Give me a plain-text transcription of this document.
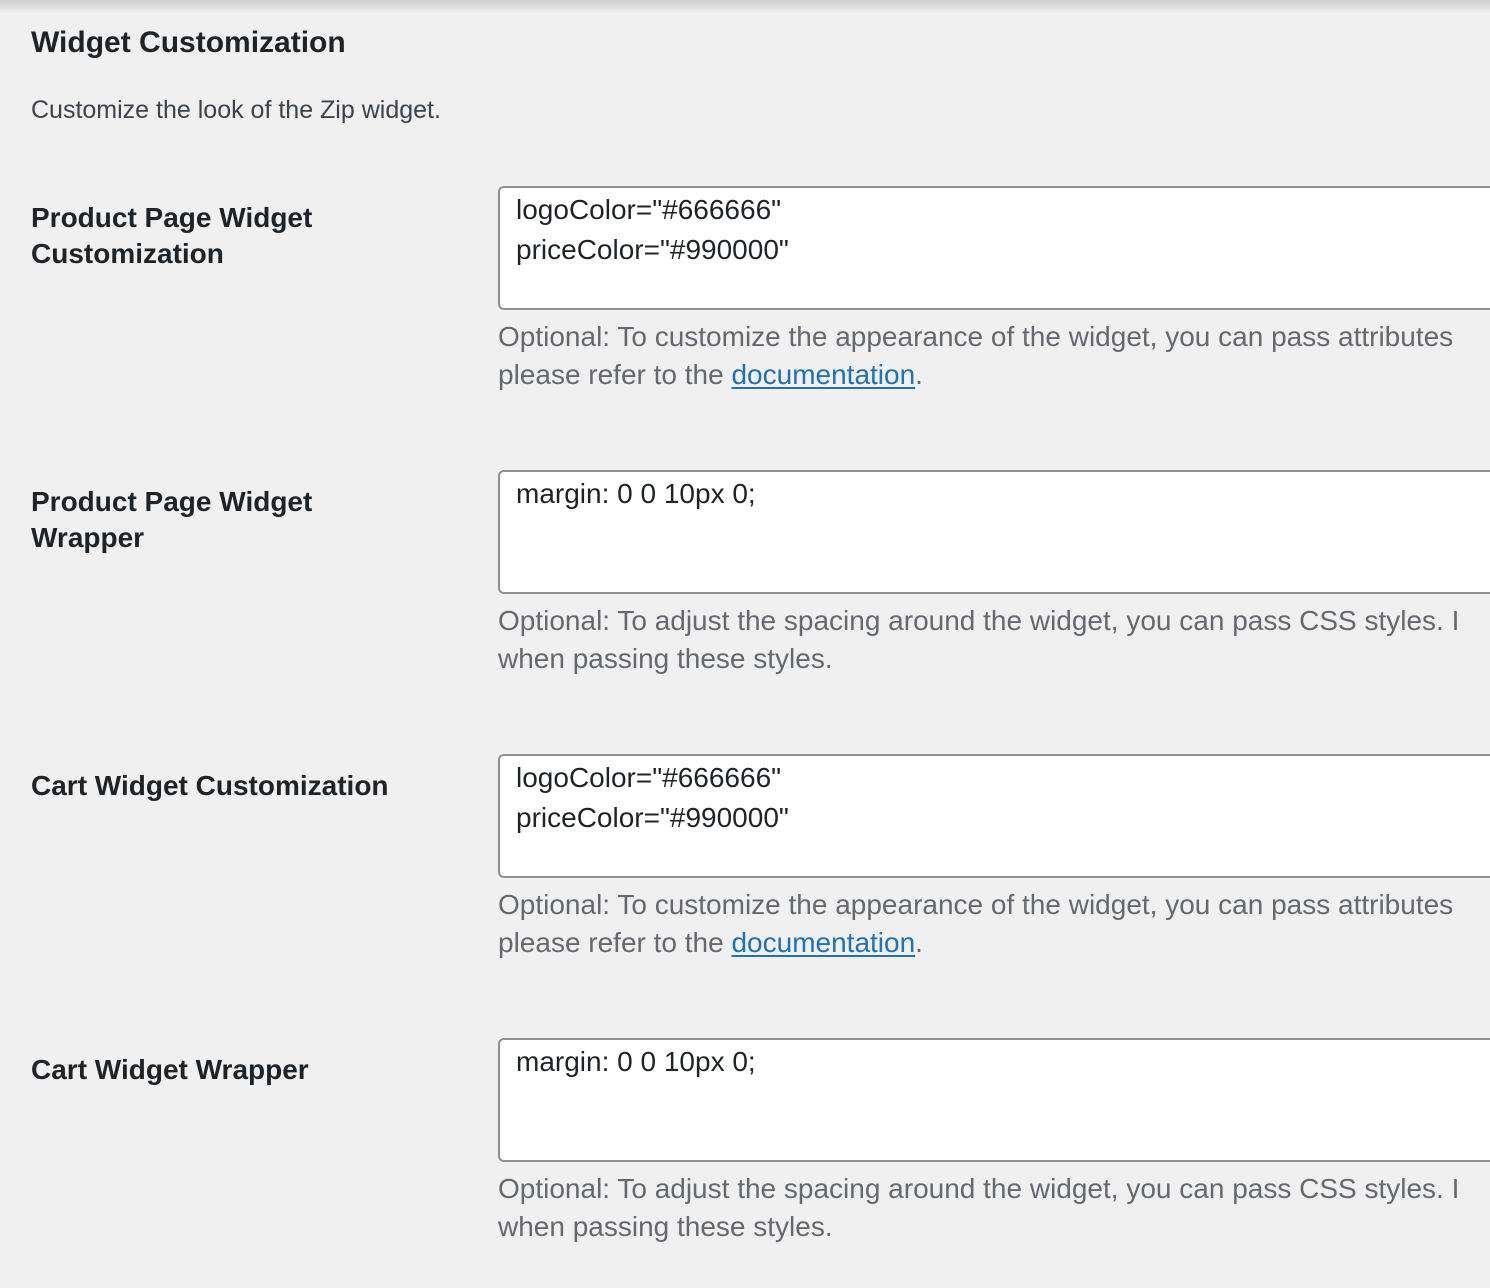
Widget Customization

Customize the look of the Zip widget.

Product Page Widget
Customization
logoColor="#666666" priceColor="#990000"

Optional: To customize the appearance of the widget, you can pass attributes
please refer to the documentation.

Product Page Widget
Wrapper
margin: 0 0 10px 0;

Optional: To adjust the spacing around the widget, you can pass CSS styles. I
when passing these styles.

Cart Widget Customization
logoColor="#666666" priceColor="#990000"

Optional: To customize the appearance of the widget, you can pass attributes
please refer to the documentation.

Cart Widget Wrapper
margin: 0 0 10px 0;

Optional: To adjust the spacing around the widget, you can pass CSS styles. I
when passing these styles.
